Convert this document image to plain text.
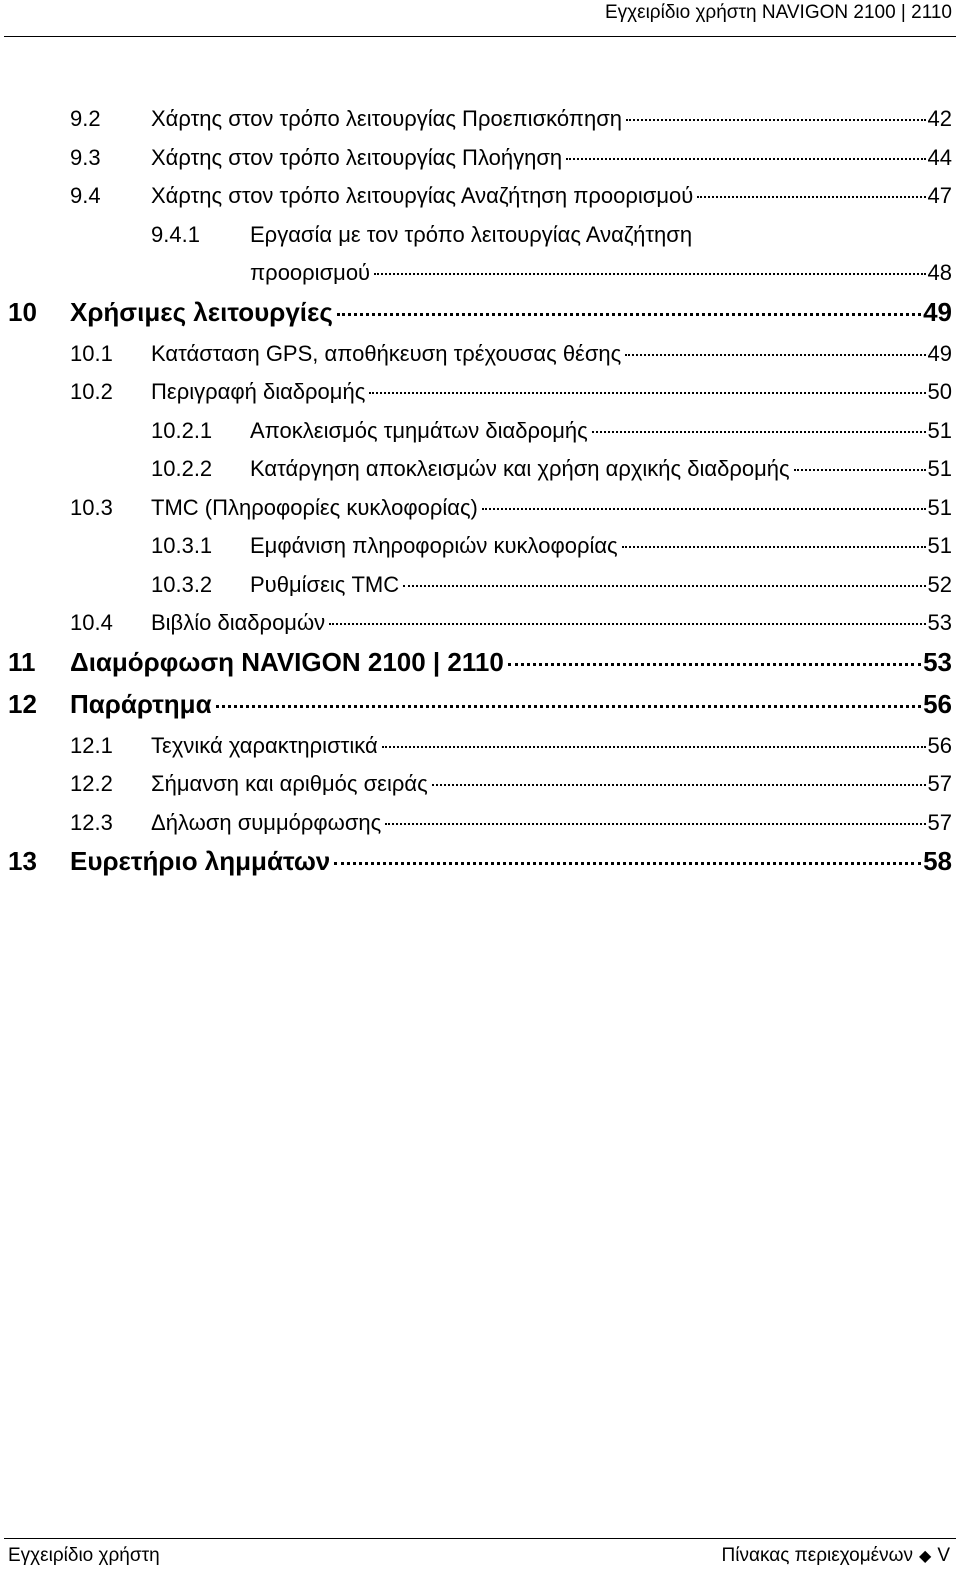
Εγχειρίδιο χρήστη NAVIGON 2100 | 2110
9.2 Χάρτης στον τρόπο λειτουργίας Προεπισκόπηση	42
9.3 Χάρτης στον τρόπο λειτουργίας Πλοήγηση	44
9.4 Χάρτης στον τρόπο λειτουργίας Αναζήτηση προορισμού	47
9.4.1 Εργασία με τον τρόπο λειτουργίας Αναζήτηση
προορισμού	48
10 Χρήσιμες λειτουργίες	49
10.1 Κατάσταση GPS, αποθήκευση τρέχουσας θέσης	49
10.2 Περιγραφή διαδρομής	50
10.2.1 Αποκλεισμός τμημάτων διαδρομής	51
10.2.2 Κατάργηση αποκλεισμών και χρήση αρχικής διαδρομής	51
10.3 TMC (Πληροφορίες κυκλοφορίας)	51
10.3.1 Εμφάνιση πληροφοριών κυκλοφορίας	51
10.3.2 Ρυθμίσεις TMC	52
10.4 Βιβλίο διαδρομών	53
11 Διαμόρφωση NAVIGON 2100 | 2110	53
12 Παράρτημα	56
12.1 Τεχνικά χαρακτηριστικά	56
12.2 Σήμανση και αριθμός σειράς	57
12.3 Δήλωση συμμόρφωσης	57
13 Ευρετήριο λημμάτων	58
Εγχειρίδιο χρήστη	Πίνακας περιεχομένων ◆ V
